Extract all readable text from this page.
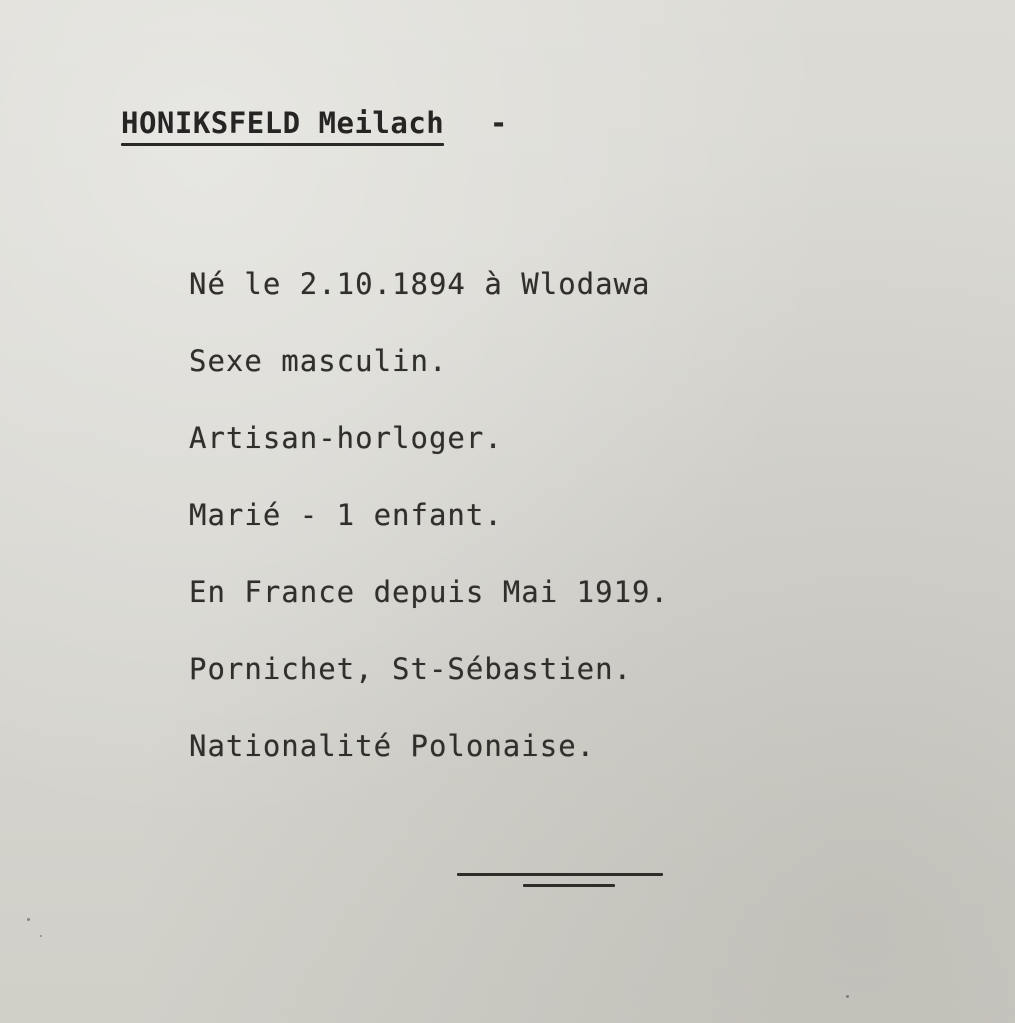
HONIKSFELD Meilach -
Né le 2.10.1894 à Wlodawa
Sexe masculin.
Artisan-horloger.
Marié - 1 enfant.
En France depuis Mai 1919.
Pornichet, St-Sébastien.
Nationalité Polonaise.
